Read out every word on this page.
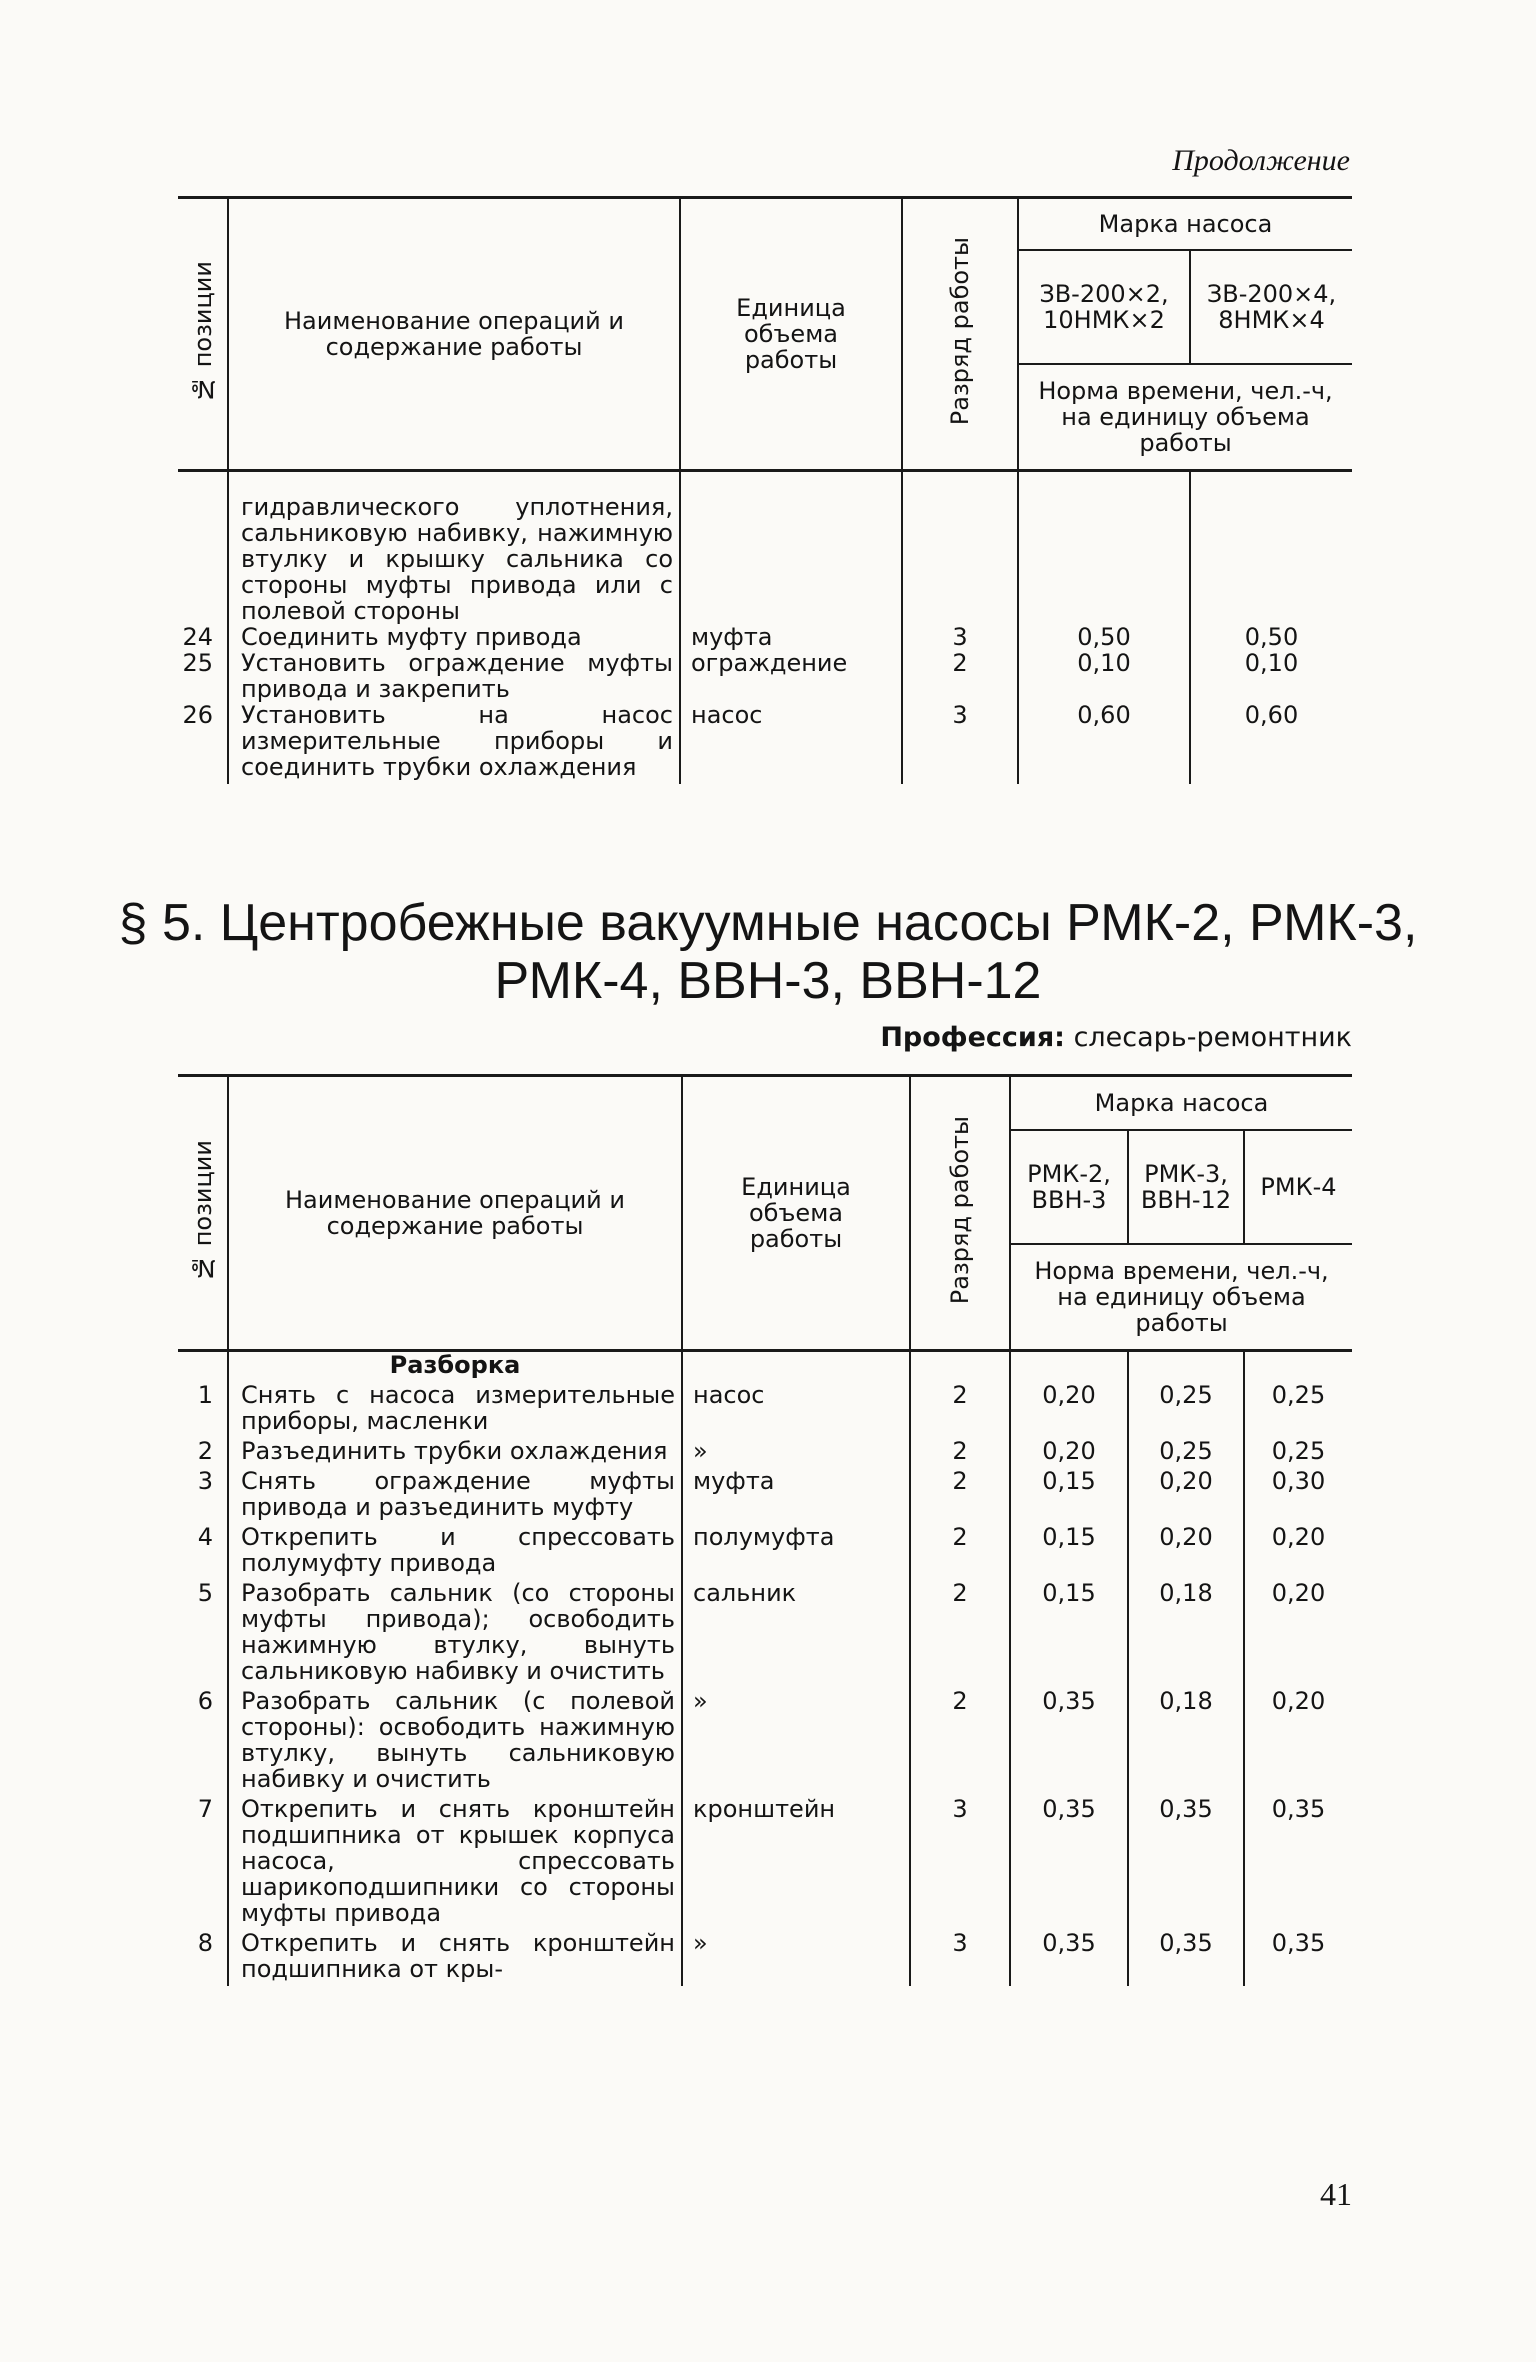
Продолжение
№ позиции	Наименование операций и содержание работы	Единица объема работы	Разряд работы	Марка насоса	
				ЗВ-200×2, 10НМК×2	ЗВ-200×4, 8НМК×4
				Норма времени, чел.-ч, на единицу объема работы	

	гидравлического уплотнения, сальниковую набивку, нажимную втулку и крышку сальника со стороны муфты привода или с полевой стороны				
24	Соединить муфту привода	муфта	3	0,50	0,50
25	Установить ограждение муфты привода и закрепить	ограждение	2	0,10	0,10
26	Установить на насос измерительные приборы и соединить трубки охлаждения	насос	3	0,60	0,60
§ 5. Центробежные вакуумные насосы РМК-2, РМК-3,
РМК-4, ВВН-3, ВВН-12
Профессия: слесарь-ремонтник
№ позиции	Наименование операций и содержание работы	Единица объема работы	Разряд работы	Марка насоса		
				РМК-2, ВВН-3	РМК-3, ВВН-12	РМК-4
				Норма времени, чел.-ч, на единицу объема работы		

	Разборка					
1	Снять с насоса измерительные приборы, масленки	насос	2	0,20	0,25	0,25
2	Разъединить трубки охлаждения	»	2	0,20	0,25	0,25
3	Снять ограждение муфты привода и разъединить муфту	муфта	2	0,15	0,20	0,30
4	Открепить и спрессовать полумуфту привода	полумуфта	2	0,15	0,20	0,20
5	Разобрать сальник (со стороны муфты привода); освободить нажимную втулку, вынуть сальниковую набивку и очистить	сальник	2	0,15	0,18	0,20
6	Разобрать сальник (с полевой стороны): освободить нажимную втулку, вынуть сальниковую набивку и очистить	»	2	0,35	0,18	0,20
7	Открепить и снять кронштейн подшипника от крышек корпуса насоса, спрессовать шарикоподшипники со стороны муфты привода	кронштейн	3	0,35	0,35	0,35
8	Открепить и снять кронштейн подшипника от кры-	»	3	0,35	0,35	0,35
41
